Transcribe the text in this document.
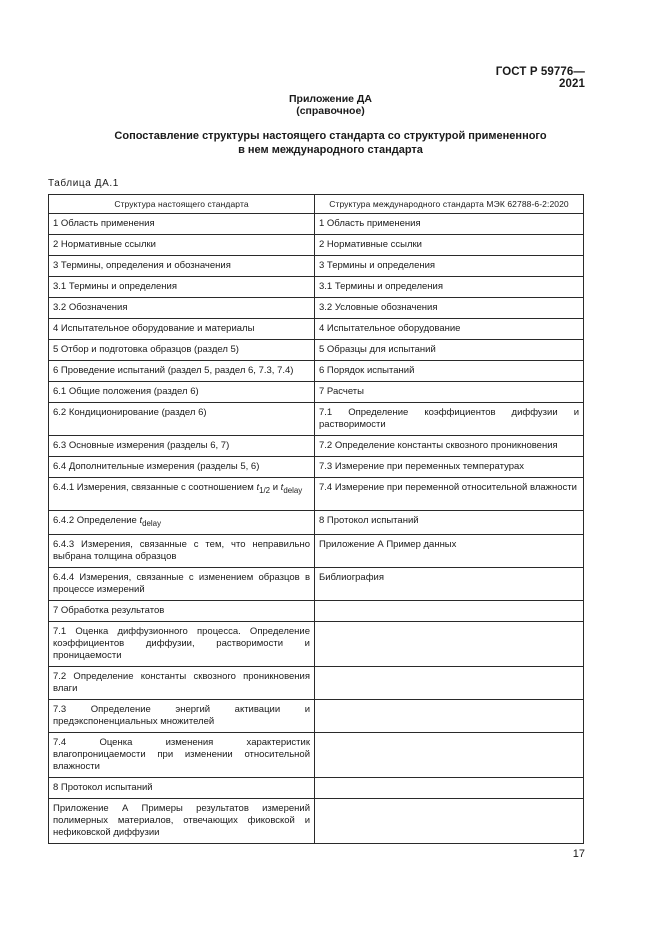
ГОСТ Р 59776—2021
Приложение ДА
(справочное)
Сопоставление структуры настоящего стандарта со структурой примененного
в нем международного стандарта
Таблица ДА.1
Структура настоящего стандарта	Структура международного стандарта МЭК 62788-6-2:2020
1 Область применения	1 Область применения
2 Нормативные ссылки	2 Нормативные ссылки
3 Термины, определения и обозначения	3 Термины и определения
3.1 Термины и определения	3.1 Термины и определения
3.2 Обозначения	3.2 Условные обозначения
4 Испытательное оборудование и материалы	4 Испытательное оборудование
5 Отбор и подготовка образцов (раздел 5)	5 Образцы для испытаний
6 Проведение испытаний (раздел 5, раздел 6, 7.3, 7.4)	6 Порядок испытаний
6.1 Общие положения (раздел 6)	7 Расчеты
6.2 Кондиционирование (раздел 6)	7.1 Определение коэффициентов диффузии и растворимости
6.3 Основные измерения (разделы 6, 7)	7.2 Определение константы сквозного проникновения
6.4 Дополнительные измерения (разделы 5, 6)	7.3 Измерение при переменных температурах
6.4.1 Измерения, связанные с соотношением $t_{1/2}$ и $t_{delay}$	7.4 Измерение при переменной относительной влажности
6.4.2 Определение $t_{delay}$	8 Протокол испытаний
6.4.3 Измерения, связанные с тем, что неправильно выбрана толщина образцов	Приложение А Пример данных
6.4.4 Измерения, связанные с изменением образцов в процессе измерений	Библиография
7 Обработка результатов	
7.1 Оценка диффузионного процесса. Определение коэффициентов диффузии, растворимости и проницаемости	
7.2 Определение константы сквозного проникновения влаги	
7.3 Определение энергий активации и предэкспоненциальных множителей	
7.4 Оценка изменения характеристик влагопроницаемости при изменении относительной влажности	
8 Протокол испытаний	
Приложение А Примеры результатов измерений полимерных материалов, отвечающих фиковской и нефиковской диффузии	
17
